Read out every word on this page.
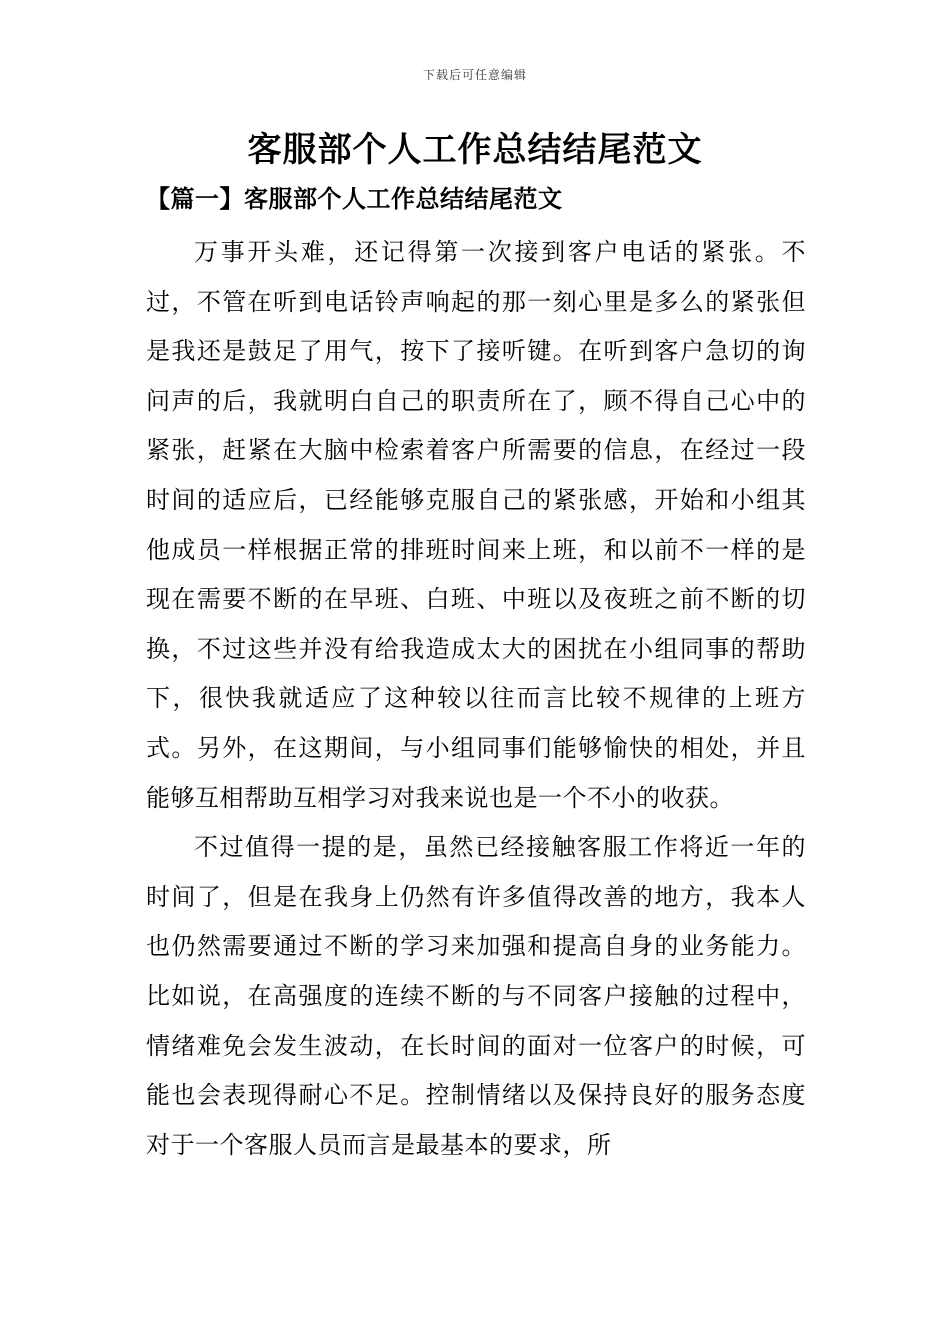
下载后可任意编辑
客服部个人工作总结结尾范文
【篇一】客服部个人工作总结结尾范文

万事开头难，还记得第一次接到客户电话的紧张。不过，不管在听到电话铃声响起的那一刻心里是多么的紧张但是我还是鼓足了用气，按下了接听键。在听到客户急切的询问声的后，我就明白自己的职责所在了，顾不得自己心中的紧张，赶紧在大脑中检索着客户所需要的信息，在经过一段时间的适应后，已经能够克服自己的紧张感，开始和小组其他成员一样根据正常的排班时间来上班，和以前不一样的是现在需要不断的在早班、白班、中班以及夜班之前不断的切换，不过这些并没有给我造成太大的困扰在小组同事的帮助下，很快我就适应了这种较以往而言比较不规律的上班方式。另外，在这期间，与小组同事们能够愉快的相处，并且能够互相帮助互相学习对我来说也是一个不小的收获。

不过值得一提的是，虽然已经接触客服工作将近一年的时间了，但是在我身上仍然有许多值得改善的地方，我本人也仍然需要通过不断的学习来加强和提高自身的业务能力。比如说，在高强度的连续不断的与不同客户接触的过程中，情绪难免会发生波动，在长时间的面对一位客户的时候，可能也会表现得耐心不足。控制情绪以及保持良好的服务态度对于一个客服人员而言是最基本的要求，所
